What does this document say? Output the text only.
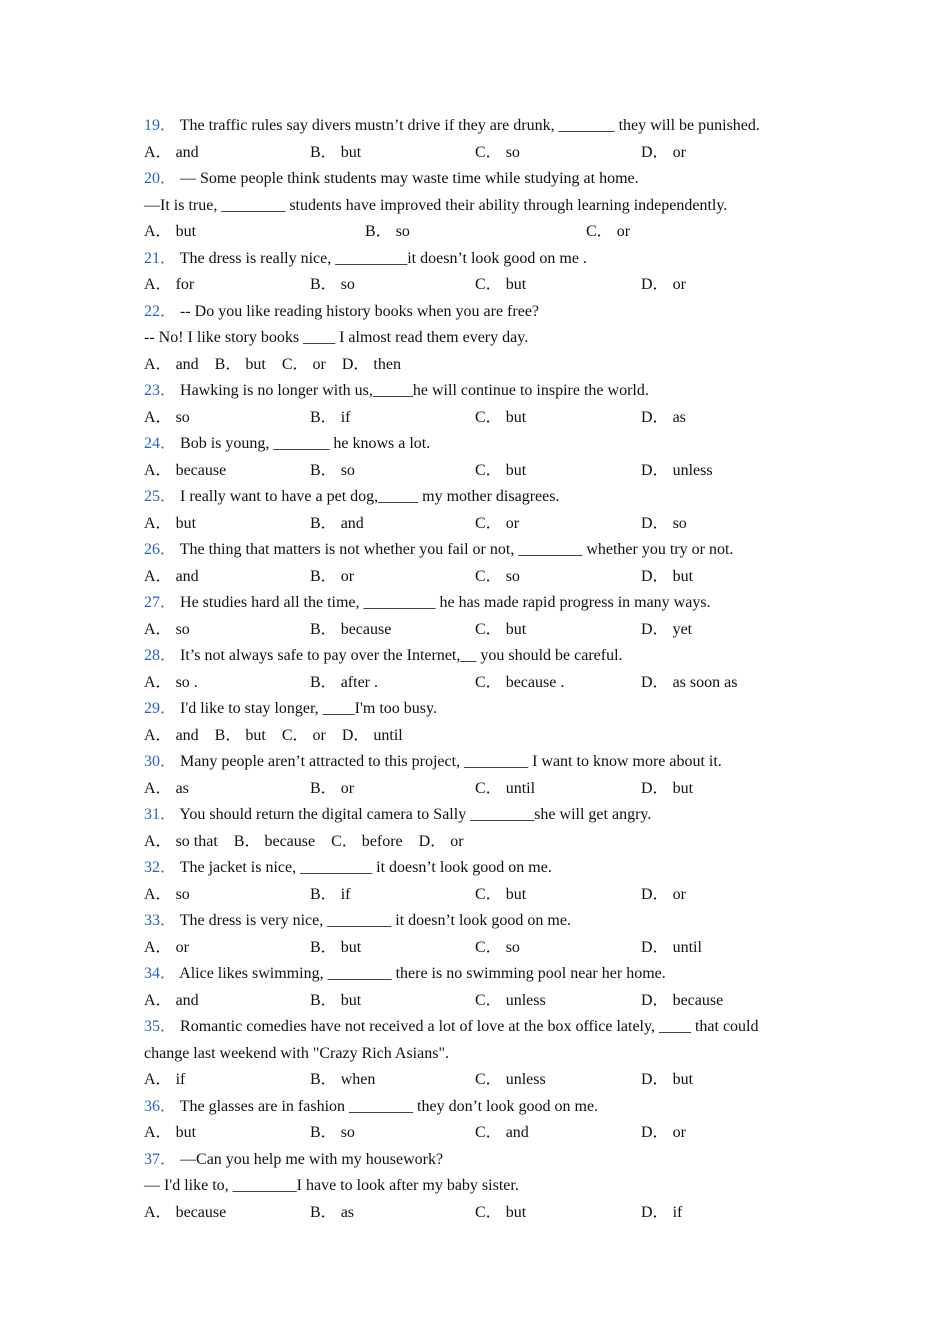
19． The traffic rules say divers mustn’t drive if they are drunk, _______ they will be punished.
A． and	B． but	C． so	D． or
20． — Some people think students may waste time while studying at home.
—It is true, ________ students have improved their ability through learning independently.
A． but	B． so	C． or
21． The dress is really nice, _________it doesn’t look good on me .
A． for	B． so	C． but	D． or
22． -- Do you like reading history books when you are free?
-- No! I like story books ____ I almost read them every day.
A． and B． but C． or D． then
23． Hawking is no longer with us,_____he will continue to inspire the world.
A． so	B． if	C． but	D． as
24． Bob is young, _______ he knows a lot.
A． because	B． so	C． but	D． unless
25． I really want to have a pet dog,_____ my mother disagrees.
A． but	B． and	C． or	D． so
26． The thing that matters is not whether you fail or not, ________ whether you try or not.
A． and	B． or	C． so	D． but
27． He studies hard all the time, _________ he has made rapid progress in many ways.
A． so	B． because	C． but	D． yet
28． It’s not always safe to pay over the Internet,__ you should be careful.
A． so .	B． after .	C． because .	D． as soon as
29． I'd like to stay longer, ____I'm too busy.
A． and B． but C． or D． until
30． Many people aren’t attracted to this project, ________ I want to know more about it.
A． as	B． or	C． until	D． but
31． You should return the digital camera to Sally ________she will get angry.
A． so that B． because C． before D． or
32． The jacket is nice, _________ it doesn’t look good on me.
A． so	B． if	C． but	D． or
33． The dress is very nice, ________ it doesn’t look good on me.
A． or	B． but	C． so	D． until
34． Alice likes swimming, ________ there is no swimming pool near her home.
A． and	B． but	C． unless	D． because
35． Romantic comedies have not received a lot of love at the box office lately, ____ that could change last weekend with "Crazy Rich Asians".
A． if	B． when	C． unless	D． but
36． The glasses are in fashion ________ they don’t look good on me.
A． but	B． so	C． and	D． or
37． —Can you help me with my housework?
— I'd like to, ________I have to look after my baby sister.
A． because	B． as	C． but	D． if
